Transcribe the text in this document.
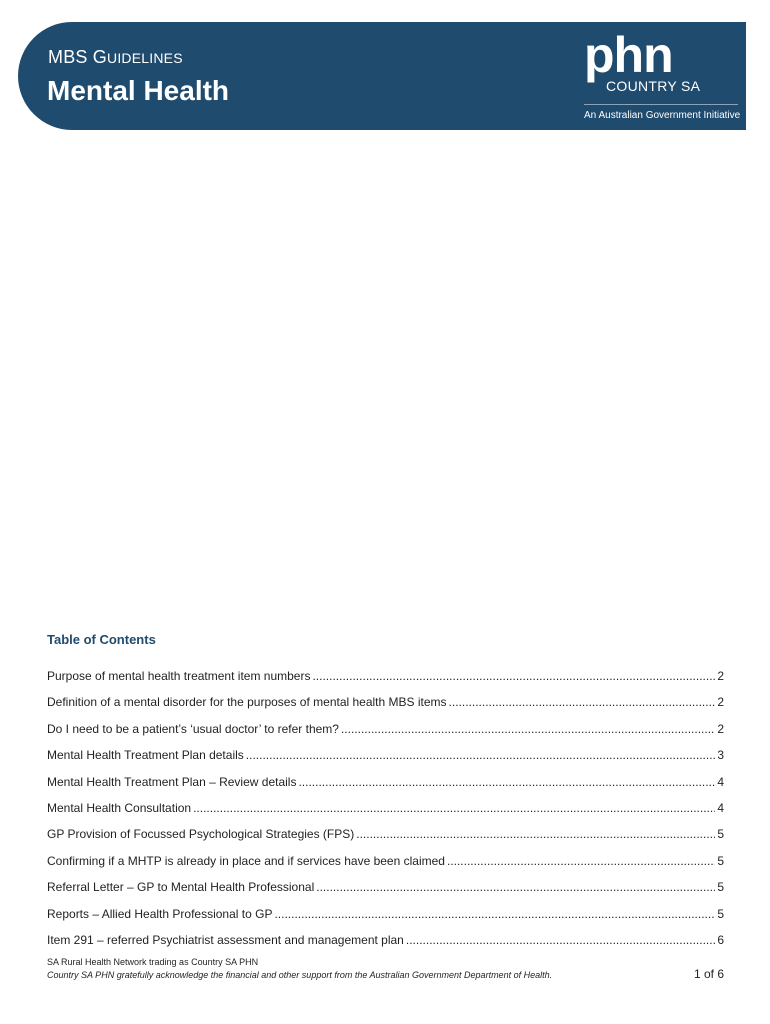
MBS GUIDELINES
Mental Health
phn
COUNTRY SA
An Australian Government Initiative
Table of Contents
Purpose of mental health treatment item numbers .....	2
Definition of a mental disorder for the purposes of mental health MBS items .....	2
Do I need to be a patient’s ‘usual doctor’ to refer them? .....	2
Mental Health Treatment Plan details .....	3
Mental Health Treatment Plan – Review details .....	4
Mental Health Consultation .....	4
GP Provision of Focussed Psychological Strategies (FPS) .....	5
Confirming if a MHTP is already in place and if services have been claimed .....	5
Referral Letter – GP to Mental Health Professional .....	5
Reports – Allied Health Professional to GP .....	5
Item 291 – referred Psychiatrist assessment and management plan .....	6
SA Rural Health Network trading as Country SA PHN
Country SA PHN gratefully acknowledge the financial and other support from the Australian Government Department of Health.	1 of 6
